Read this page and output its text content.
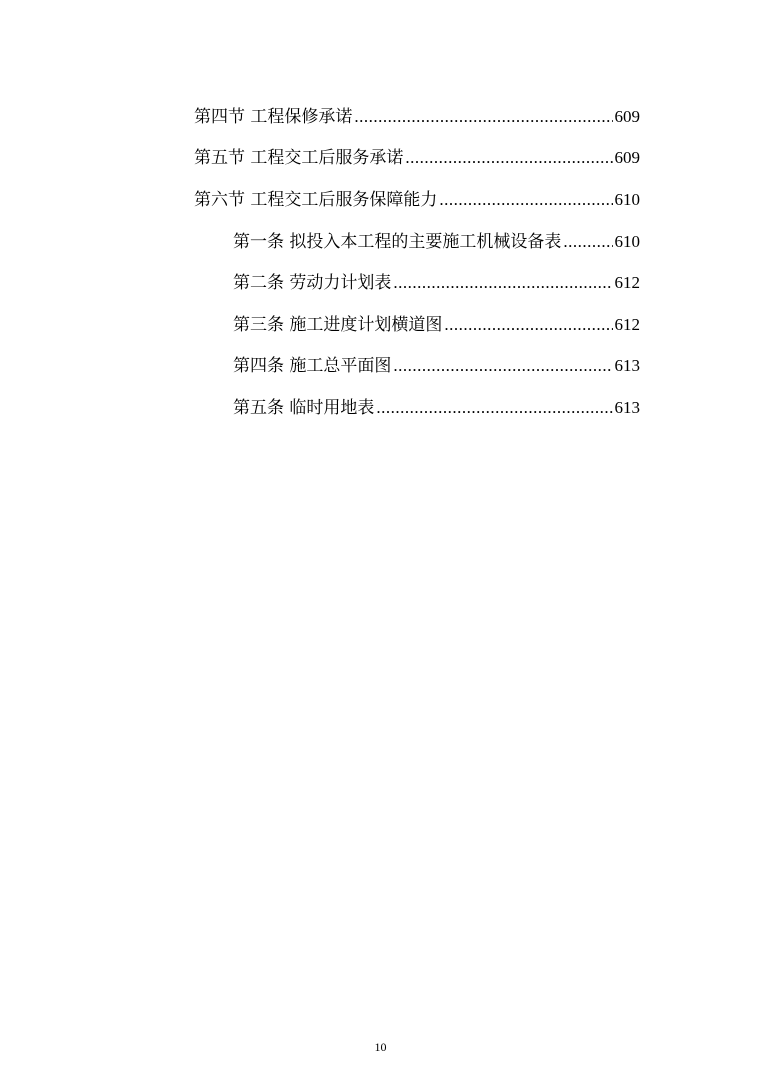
第四节 工程保修承诺 .....	609
第五节 工程交工后服务承诺 .....	609
第六节 工程交工后服务保障能力 .....	610
第一条 拟投入本工程的主要施工机械设备表 .....	610
第二条 劳动力计划表 .....	612
第三条 施工进度计划横道图 .....	612
第四条 施工总平面图 .....	613
第五条 临时用地表 .....	613
10
